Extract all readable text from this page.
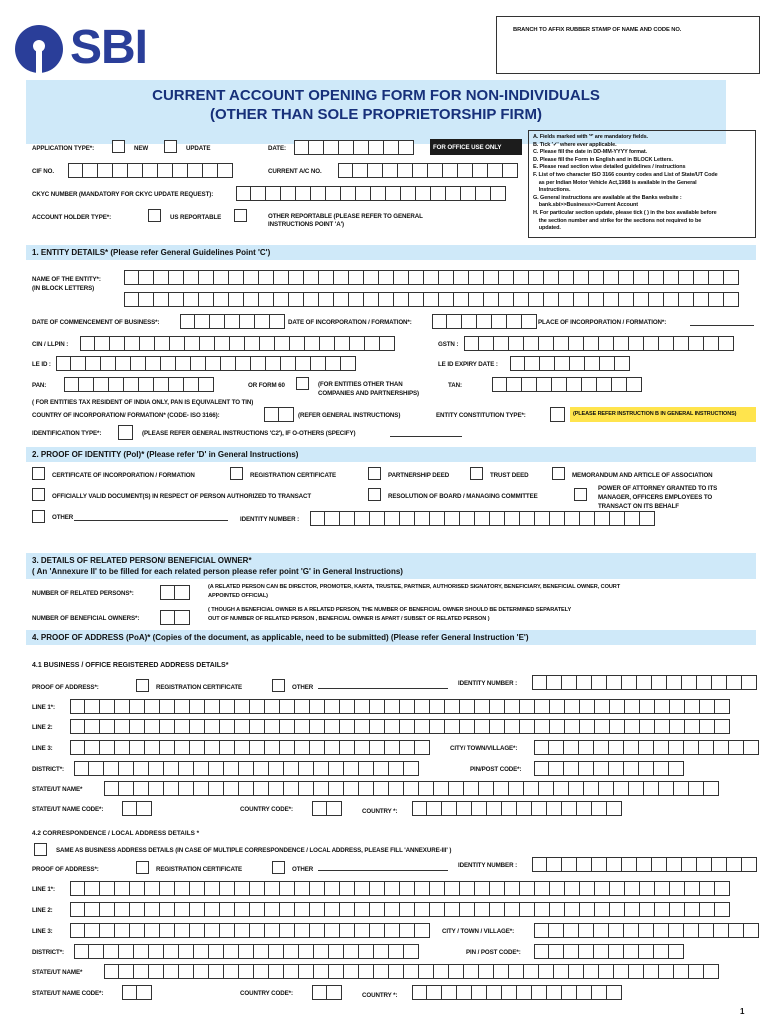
SBI	BRANCH TO AFFIX RUBBER STAMP OF NAME AND CODE NO.
CURRENT ACCOUNT OPENING FORM FOR NON-INDIVIDUALS
(OTHER THAN SOLE PROPRIETORSHIP FIRM)
APPLICATION TYPE*:	NEW	UPDATE	DATE:	FOR OFFICE USE ONLY
CIF NO.	CURRENT A/C NO.
CKYC NUMBER (MANDATORY FOR CKYC UPDATE REQUEST):
ACCOUNT HOLDER TYPE*:	US REPORTABLE	OTHER REPORTABLE (PLEASE REFER TO GENERAL
INSTRUCTIONS POINT 'A')
A. Fields marked with '*' are mandatory fields.
B. Tick '✓' where ever applicable.
C. Please fill the date in DD-MM-YYYY format.
D. Please fill the Form in English and in BLOCK Letters.
E. Please read section wise detailed guidelines / instructions
F. List of two character ISO 3166 country codes and List of State/UT Code
as per Indian Motor Vehicle Act,1988 is available in the General
Instructions.
G. General instructions are available at the Banks website :
bank.sbi>>Business>>Current Account
H. For particular section update, please tick ( ) in the box available before
the section number and strike for the sections not required to be
updated.
1. ENTITY DETAILS* (Please refer General Guidelines Point 'C')
NAME OF THE ENTITY*:
(IN BLOCK LETTERS)
DATE OF COMMENCEMENT OF BUSINESS*:	DATE OF INCORPORATION / FORMATION*:	PLACE OF INCORPORATION / FORMATION*:
CIN / LLPIN :	GSTN :
LE ID :	LE ID EXPIRY DATE :
PAN:	OR FORM 60	(FOR ENTITIES OTHER THAN
COMPANIES AND PARTNERSHIPS)
TAN:
( FOR ENTITIES TAX RESIDENT OF INDIA ONLY, PAN IS EQUIVALENT TO TIN)
COUNTRY OF INCORPORATION/ FORMATION* (CODE- ISO 3166):	(REFER GENERAL INSTRUCTIONS)	ENTITY CONSTITUTION TYPE*:	(PLEASE REFER INSTRUCTION B IN GENERAL INSTRUCTIONS)
IDENTIFICATION TYPE*:	(PLEASE REFER GENERAL INSTRUCTIONS 'C2'), IF O-OTHERS (SPECIFY)
2. PROOF OF IDENTITY (PoI)* (Please refer 'D' in General Instructions)
CERTIFICATE OF INCORPORATION / FORMATION	REGISTRATION CERTIFICATE	PARTNERSHIP DEED	TRUST DEED	MEMORANDUM AND ARTICLE OF ASSOCIATION
OFFICIALLY VALID DOCUMENT(S) IN RESPECT OF PERSON AUTHORIZED TO TRANSACT	RESOLUTION OF BOARD / MANAGING COMMITTEE
POWER OF ATTORNEY GRANTED TO ITS
MANAGER, OFFICERS EMPLOYEES TO
TRANSACT ON ITS BEHALF
OTHER	IDENTITY NUMBER :
3. DETAILS OF RELATED PERSON/ BENEFICIAL OWNER*
( An 'Annexure II' to be filled for each related person please refer point 'G' in General Instructions)
NUMBER OF RELATED PERSONS*:
(A RELATED PERSON CAN BE DIRECTOR, PROMOTER, KARTA, TRUSTEE, PARTNER, AUTHORISED SIGNATORY, BENEFICIARY, BENEFICIAL OWNER, COURT
APPOINTED OFFICIAL)
NUMBER OF BENEFICIAL OWNERS*:
( THOUGH A BENEFICIAL OWNER IS A RELATED PERSON, THE NUMBER OF BENEFICIAL OWNER SHOULD BE DETERMINED SEPARATELY
OUT OF NUMBER OF RELATED PERSON , BENEFICIAL OWNER IS APART / SUBSET OF RELATED PERSON )
4. PROOF OF ADDRESS (PoA)* (Copies of the document, as applicable, need to be submitted) (Please refer General Instruction 'E')
4.1 BUSINESS / OFFICE REGISTERED ADDRESS DETAILS*
PROOF OF ADDRESS*:	REGISTRATION CERTIFICATE	OTHER
IDENTITY NUMBER :
LINE 1*:
LINE 2:
LINE 3:	CITY/ TOWN/VILLAGE*:
DISTRICT*:	PIN/POST CODE*:
STATE/UT NAME*
STATE/UT NAME CODE*:	COUNTRY CODE*:	COUNTRY *:
4.2 CORRESPONDENCE / LOCAL ADDRESS DETAILS *
SAME AS BUSINESS ADDRESS DETAILS (IN CASE OF MULTIPLE CORRESPONDENCE / LOCAL ADDRESS, PLEASE FILL 'ANNEXURE-III' )
PROOF OF ADDRESS*:	REGISTRATION CERTIFICATE	OTHER
IDENTITY NUMBER :
LINE 1*:
LINE 2:
LINE 3:	CITY / TOWN / VILLAGE*:
DISTRICT*:	PIN / POST CODE*:
STATE/UT NAME*
STATE/UT NAME CODE*:	COUNTRY CODE*:	COUNTRY *:
1
